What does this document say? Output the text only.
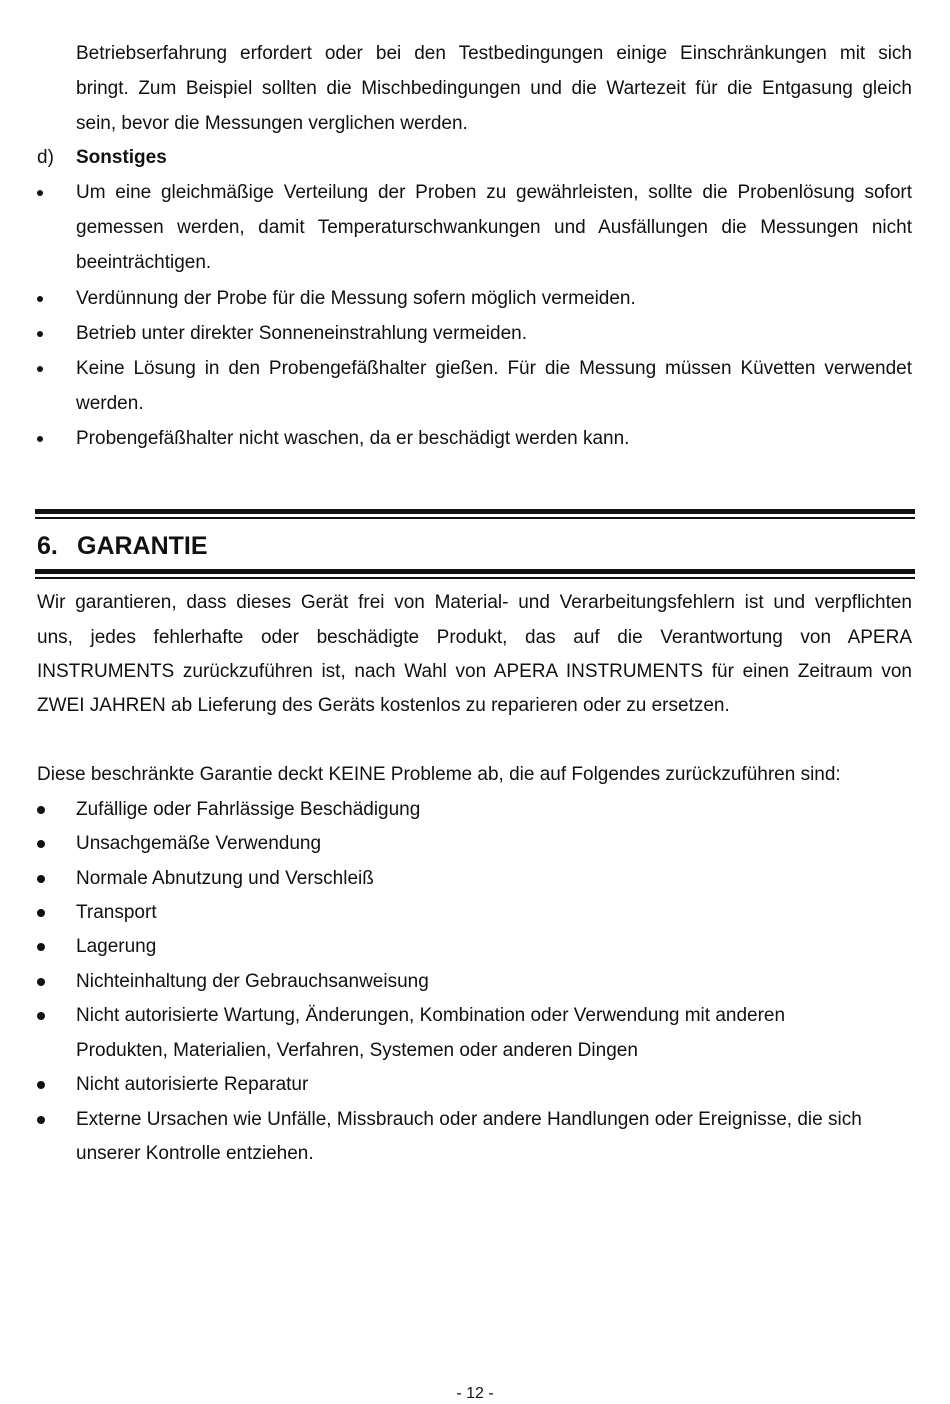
Betriebserfahrung erfordert oder bei den Testbedingungen einige Einschränkungen mit sich
bringt. Zum Beispiel sollten die Mischbedingungen und die Wartezeit für die Entgasung gleich
sein, bevor die Messungen verglichen werden.
d) Sonstiges
Um eine gleichmäßige Verteilung der Proben zu gewährleisten, sollte die Probenlösung sofort
gemessen werden, damit Temperaturschwankungen und Ausfällungen die Messungen nicht
beeinträchtigen.
Verdünnung der Probe für die Messung sofern möglich vermeiden.
Betrieb unter direkter Sonneneinstrahlung vermeiden.
Keine Lösung in den Probengefäßhalter gießen. Für die Messung müssen Küvetten verwendet
werden.
Probengefäßhalter nicht waschen, da er beschädigt werden kann.
6. GARANTIE
Wir garantieren, dass dieses Gerät frei von Material- und Verarbeitungsfehlern ist und verpflichten
uns, jedes fehlerhafte oder beschädigte Produkt, das auf die Verantwortung von APERA
INSTRUMENTS zurückzuführen ist, nach Wahl von APERA INSTRUMENTS für einen Zeitraum von
ZWEI JAHREN ab Lieferung des Geräts kostenlos zu reparieren oder zu ersetzen.
Diese beschränkte Garantie deckt KEINE Probleme ab, die auf Folgendes zurückzuführen sind:
Zufällige oder Fahrlässige Beschädigung
Unsachgemäße Verwendung
Normale Abnutzung und Verschleiß
Transport
Lagerung
Nichteinhaltung der Gebrauchsanweisung
Nicht autorisierte Wartung, Änderungen, Kombination oder Verwendung mit anderen
Produkten, Materialien, Verfahren, Systemen oder anderen Dingen
Nicht autorisierte Reparatur
Externe Ursachen wie Unfälle, Missbrauch oder andere Handlungen oder Ereignisse, die sich
unserer Kontrolle entziehen.
- 12 -
